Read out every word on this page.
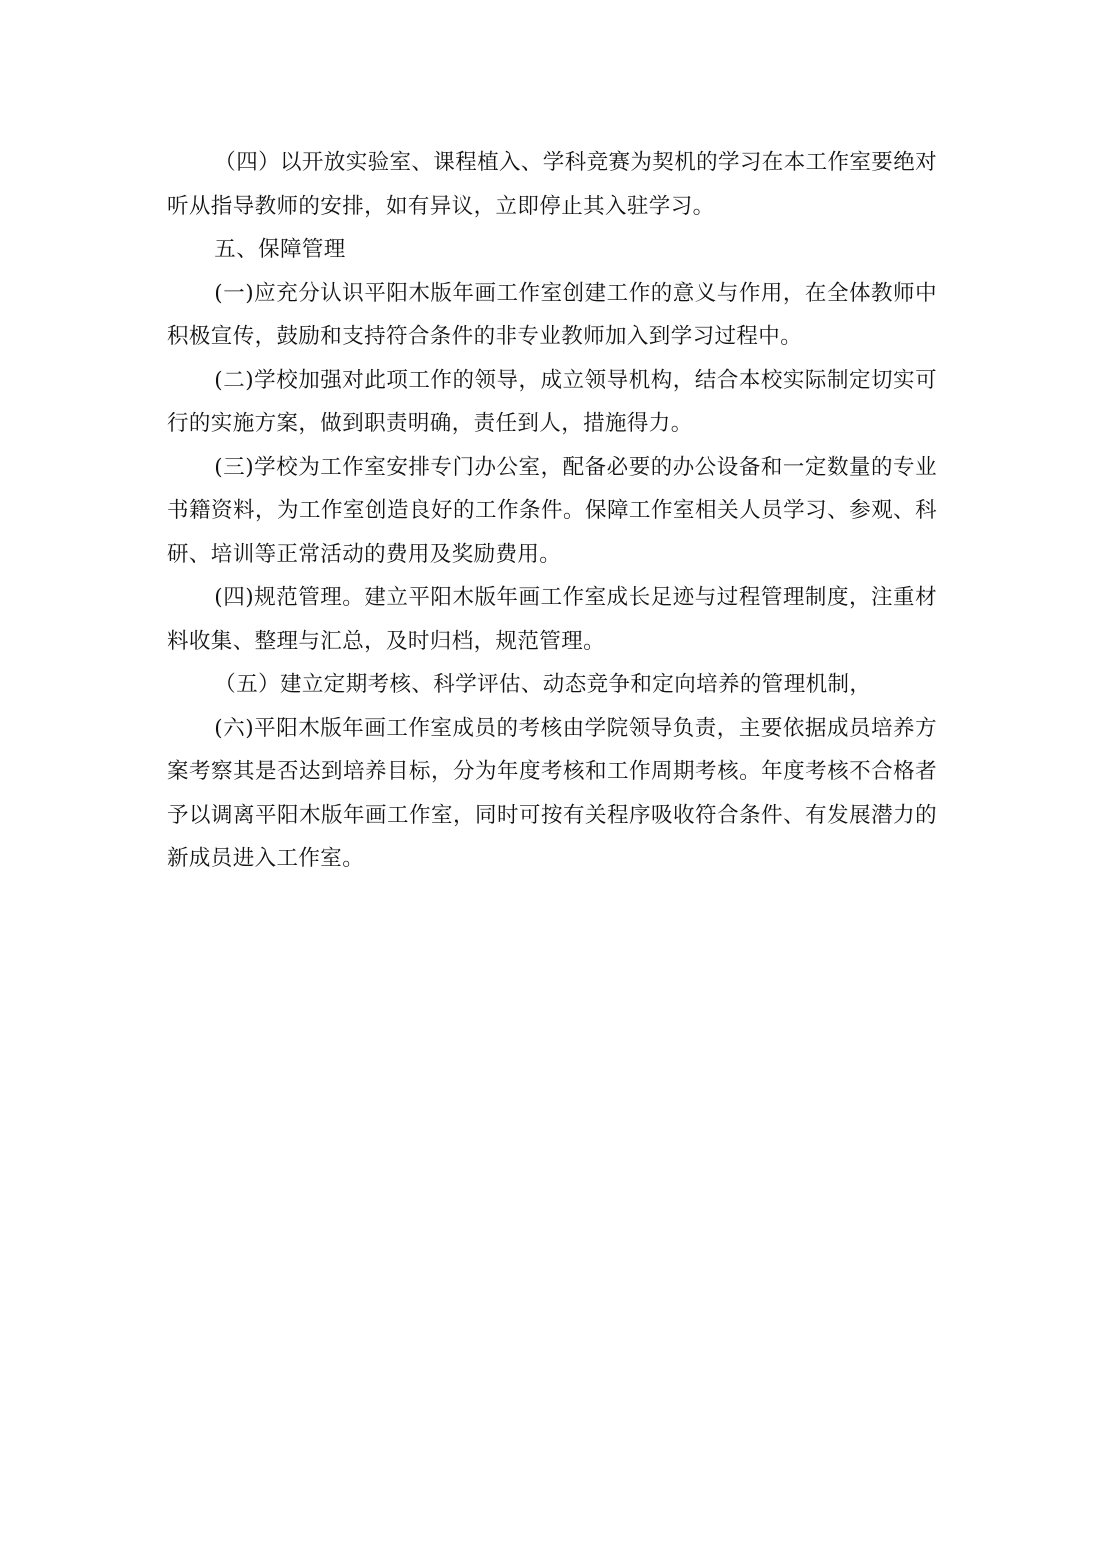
（四）以开放实验室、课程植入、学科竞赛为契机的学习在本工作室要绝对听从指导教师的安排，如有异议，立即停止其入驻学习。

五、保障管理

(一)应充分认识平阳木版年画工作室创建工作的意义与作用，在全体教师中积极宣传，鼓励和支持符合条件的非专业教师加入到学习过程中。

(二)学校加强对此项工作的领导，成立领导机构，结合本校实际制定切实可行的实施方案，做到职责明确，责任到人，措施得力。

(三)学校为工作室安排专门办公室，配备必要的办公设备和一定数量的专业书籍资料，为工作室创造良好的工作条件。保障工作室相关人员学习、参观、科研、培训等正常活动的费用及奖励费用。

(四)规范管理。建立平阳木版年画工作室成长足迹与过程管理制度，注重材料收集、整理与汇总，及时归档，规范管理。

（五）建立定期考核、科学评估、动态竞争和定向培养的管理机制，

(六)平阳木版年画工作室成员的考核由学院领导负责，主要依据成员培养方案考察其是否达到培养目标，分为年度考核和工作周期考核。年度考核不合格者予以调离平阳木版年画工作室，同时可按有关程序吸收符合条件、有发展潜力的新成员进入工作室。
